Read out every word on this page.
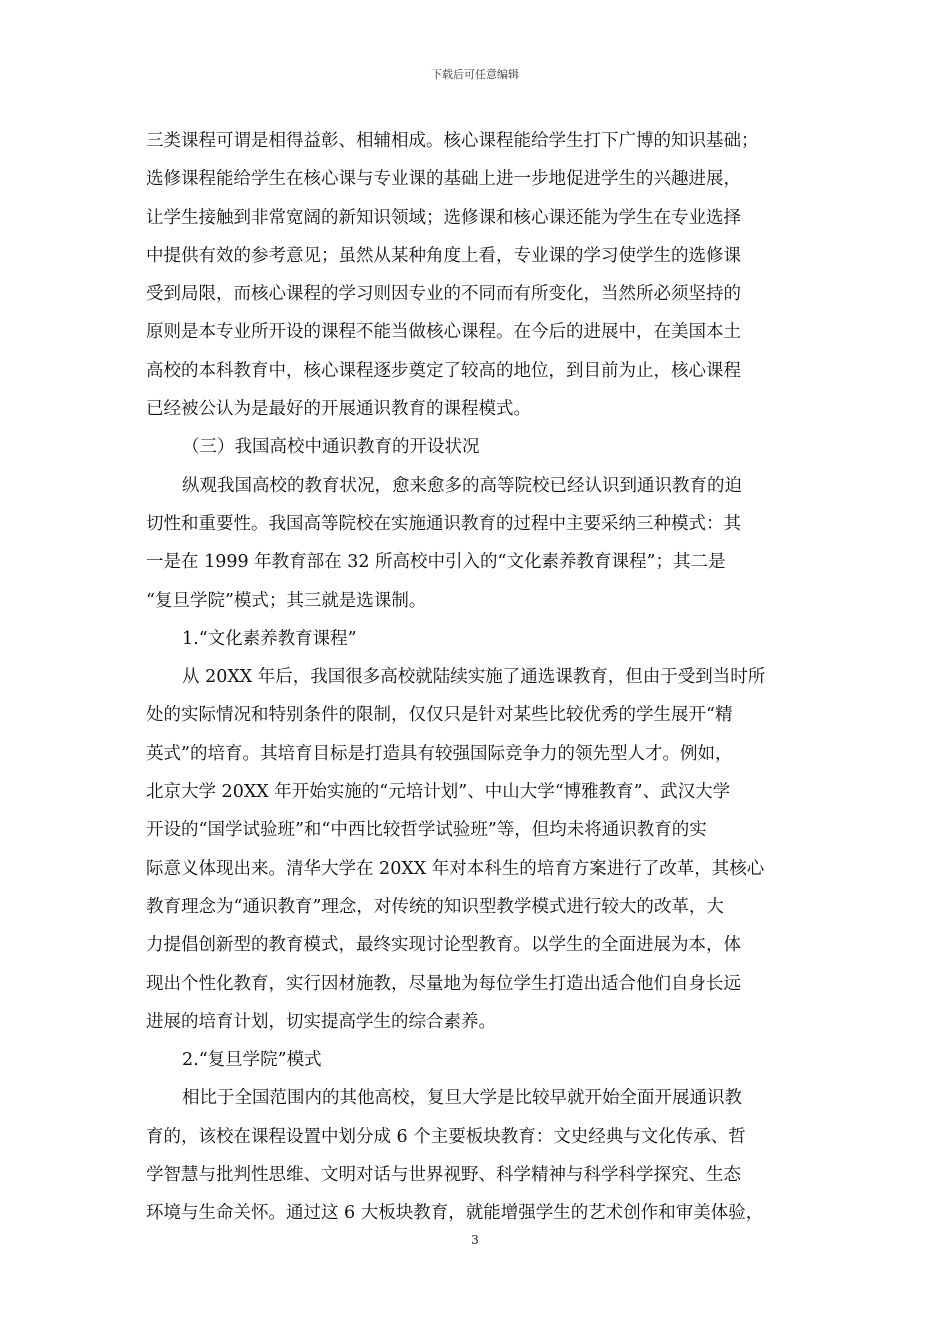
下载后可任意编辑
三类课程可谓是相得益彰、相辅相成。核心课程能给学生打下广博的知识基础；
选修课程能给学生在核心课与专业课的基础上进一步地促进学生的兴趣进展，
让学生接触到非常宽阔的新知识领域；选修课和核心课还能为学生在专业选择
中提供有效的参考意见；虽然从某种角度上看，专业课的学习使学生的选修课
受到局限，而核心课程的学习则因专业的不同而有所变化，当然所必须坚持的
原则是本专业所开设的课程不能当做核心课程。在今后的进展中，在美国本土
高校的本科教育中，核心课程逐步奠定了较高的地位，到目前为止，核心课程
已经被公认为是最好的开展通识教育的课程模式。
（三）我国高校中通识教育的开设状况
纵观我国高校的教育状况，愈来愈多的高等院校已经认识到通识教育的迫
切性和重要性。我国高等院校在实施通识教育的过程中主要采纳三种模式：其
一是在 1999 年教育部在 32 所高校中引入的“文化素养教育课程”；其二是
“复旦学院”模式；其三就是选课制。
1.“文化素养教育课程”
从 20XX 年后，我国很多高校就陆续实施了通选课教育，但由于受到当时所
处的实际情况和特别条件的限制，仅仅只是针对某些比较优秀的学生展开“精
英式”的培育。其培育目标是打造具有较强国际竞争力的领先型人才。例如，
北京大学 20XX 年开始实施的“元培计划”、中山大学“博雅教育”、武汉大学
开设的“国学试验班”和“中西比较哲学试验班”等，但均未将通识教育的实
际意义体现出来。清华大学在 20XX 年对本科生的培育方案进行了改革，其核心
教育理念为“通识教育”理念，对传统的知识型教学模式进行较大的改革，大
力提倡创新型的教育模式，最终实现讨论型教育。以学生的全面进展为本，体
现出个性化教育，实行因材施教，尽量地为每位学生打造出适合他们自身长远
进展的培育计划，切实提高学生的综合素养。
2.“复旦学院”模式
相比于全国范围内的其他高校，复旦大学是比较早就开始全面开展通识教
育的，该校在课程设置中划分成 6 个主要板块教育：文史经典与文化传承、哲
学智慧与批判性思维、文明对话与世界视野、科学精神与科学科学探究、生态
环境与生命关怀。通过这 6 大板块教育，就能增强学生的艺术创作和审美体验，
3
